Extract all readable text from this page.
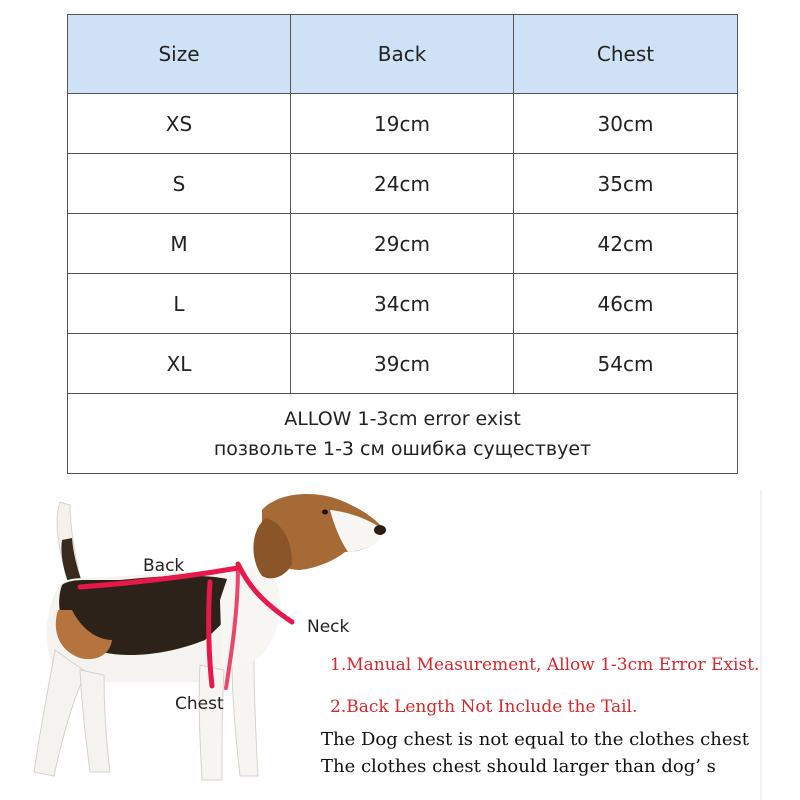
Size	Back	Chest
XS	19cm	30cm
S	24cm	35cm
M	29cm	42cm
L	34cm	46cm
XL	39cm	54cm

ALLOW 1-3cm error exist
позвольте 1-3 см ошибка существует		
Back
Neck
Chest
1.Manual Measurement, Allow 1-3cm Error Exist.
2.Back Length Not Include the Tail.
The Dog chest is not equal to the clothes chest
The clothes chest should larger than dog’ s
